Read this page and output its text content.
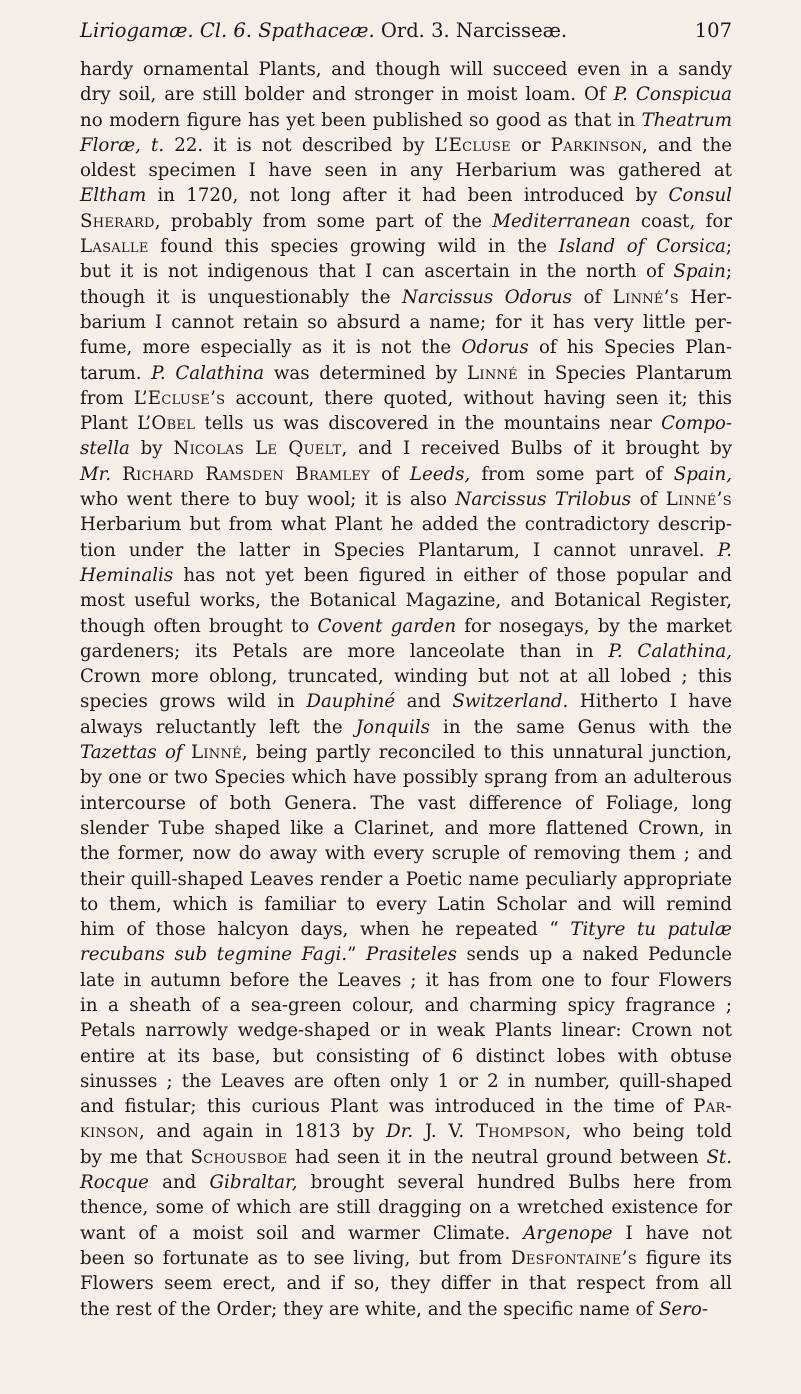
Liriogamæ. Cl. 6. Spathaceæ. Ord. 3. Narcisseæ.	107
hardy ornamental Plants, and though will succeed even in a sandy
dry soil, are still bolder and stronger in moist loam. Of P. Conspicua
no modern figure has yet been published so good as that in Theatrum
Floræ, t. 22. it is not described by L’Ecluse or Parkinson, and the
oldest specimen I have seen in any Herbarium was gathered at
Eltham in 1720, not long after it had been introduced by Consul
Sherard, probably from some part of the Mediterranean coast, for
Lasalle found this species growing wild in the Island of Corsica;
but it is not indigenous that I can ascertain in the north of Spain;
though it is unquestionably the Narcissus Odorus of Linné’s Her-
barium I cannot retain so absurd a name; for it has very little per-
fume, more especially as it is not the Odorus of his Species Plan-
tarum. P. Calathina was determined by Linné in Species Plantarum
from L’Ecluse’s account, there quoted, without having seen it; this
Plant L’Obel tells us was discovered in the mountains near Compo-
stella by Nicolas Le Quelt, and I received Bulbs of it brought by
Mr. Richard Ramsden Bramley of Leeds, from some part of Spain,
who went there to buy wool; it is also Narcissus Trilobus of Linné’s
Herbarium but from what Plant he added the contradictory descrip-
tion under the latter in Species Plantarum, I cannot unravel. P.
Heminalis has not yet been figured in either of those popular and
most useful works, the Botanical Magazine, and Botanical Register,
though often brought to Covent garden for nosegays, by the market
gardeners; its Petals are more lanceolate than in P. Calathina,
Crown more oblong, truncated, winding but not at all lobed ; this
species grows wild in Dauphiné and Switzerland. Hitherto I have
always reluctantly left the Jonquils in the same Genus with the
Tazettas of Linné, being partly reconciled to this unnatural junction,
by one or two Species which have possibly sprang from an adulterous
intercourse of both Genera. The vast difference of Foliage, long
slender Tube shaped like a Clarinet, and more flattened Crown, in
the former, now do away with every scruple of removing them ; and
their quill-shaped Leaves render a Poetic name peculiarly appropriate
to them, which is familiar to every Latin Scholar and will remind
him of those halcyon days, when he repeated “ Tityre tu patulæ
recubans sub tegmine Fagi.” Prasiteles sends up a naked Peduncle
late in autumn before the Leaves ; it has from one to four Flowers
in a sheath of a sea-green colour, and charming spicy fragrance ;
Petals narrowly wedge-shaped or in weak Plants linear: Crown not
entire at its base, but consisting of 6 distinct lobes with obtuse
sinusses ; the Leaves are often only 1 or 2 in number, quill-shaped
and fistular; this curious Plant was introduced in the time of Par-
kinson, and again in 1813 by Dr. J. V. Thompson, who being told
by me that Schousboe had seen it in the neutral ground between St.
Rocque and Gibraltar, brought several hundred Bulbs here from
thence, some of which are still dragging on a wretched existence for
want of a moist soil and warmer Climate. Argenope I have not
been so fortunate as to see living, but from Desfontaine’s figure its
Flowers seem erect, and if so, they differ in that respect from all
the rest of the Order; they are white, and the specific name of Sero-
